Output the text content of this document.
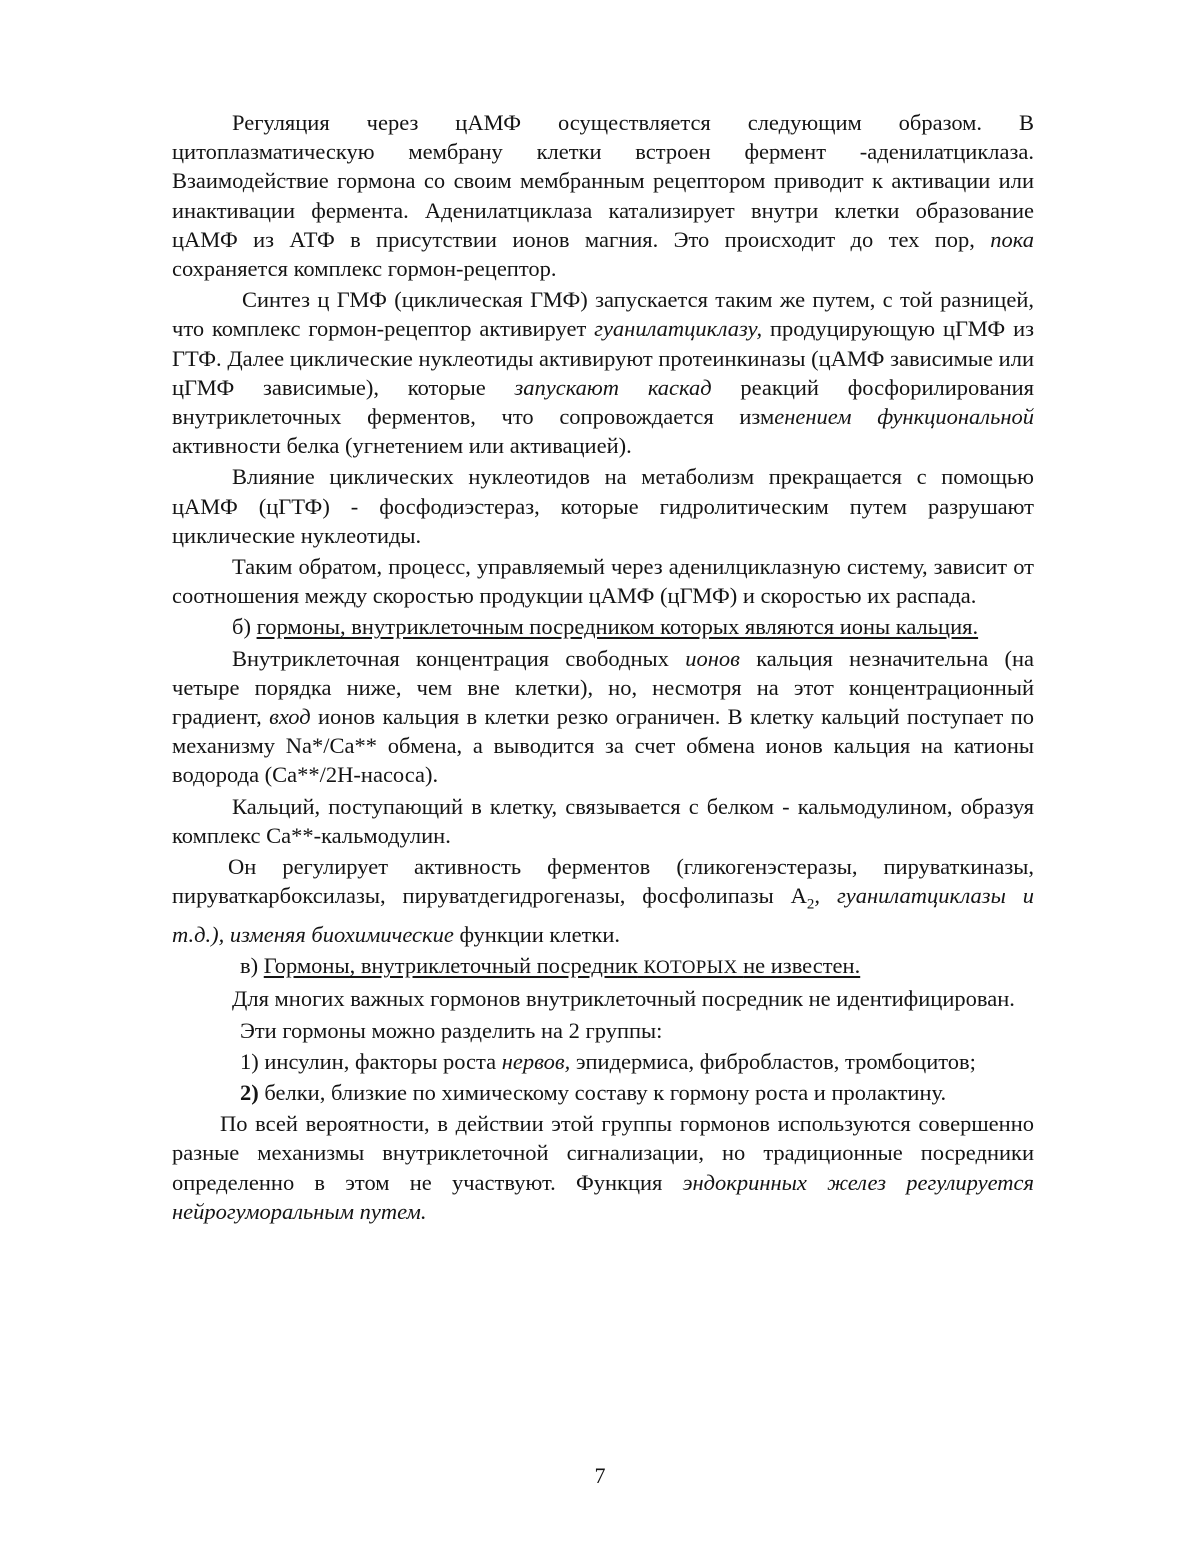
Регуляция через цАМФ осуществляется следующим образом. В цитоплазматическую мембрану клетки встроен фермент -аденилатциклаза. Взаимодействие гормона со своим мембранным рецептором приводит к активации или инактивации фермента. Аденилатциклаза катализирует внутри клетки образование цАМФ из АТФ в присутствии ионов магния. Это происходит до тех пор, пока сохраняется комплекс гормон-рецептор.

Синтез ц ГМФ (циклическая ГМФ) запускается таким же путем, с той разницей, что комплекс гормон-рецептор активирует гуанилатциклазу, продуцирующую цГМФ из ГТФ. Далее циклические нуклеотиды активируют протеинкиназы (цАМФ зависимые или цГМФ зависимые), которые запускают каскад реакций фосфорилирования внутриклеточных ферментов, что сопровождается изменением функциональной активности белка (угнетением или активацией).

Влияние циклических нуклеотидов на метаболизм прекращается с помощью цАМФ (цГТФ) - фосфодиэстераз, которые гидролитическим путем разрушают циклические нуклеотиды.

Таким обратом, процесс, управляемый через аденилциклазную систему, зависит от соотношения между скоростью продукции цАМФ (цГМФ) и скоростью их распада.

б) гормоны, внутриклеточным посредником которых являются ионы кальция.

Внутриклеточная концентрация свободных ионов кальция незначительна (на четыре порядка ниже, чем вне клетки), но, несмотря на этот концентрационный градиент, вход ионов кальция в клетки резко ограничен. В клетку кальций поступает по механизму Na*/Ca** обмена, а выводится за счет обмена ионов кальция на катионы водорода (Ca**/2H-насоса).

Кальций, поступающий в клетку, связывается с белком - кальмодулином, образуя комплекс Ca**-кальмодулин.

Он регулирует активность ферментов (гликогенэстеразы, пируваткиназы, пируваткарбоксилазы, пируватдегидрогеназы, фосфолипазы $A_2$, гуанилатциклазы и т.д.), изменяя биохимические функции клетки.

в) Гормоны, внутриклеточный посредник КОТОРЫХ не известен.

Для многих важных гормонов внутриклеточный посредник не идентифицирован.

Эти гормоны можно разделить на 2 группы:

1) инсулин, факторы роста нервов, эпидермиса, фибробластов, тромбоцитов;

2) белки, близкие по химическому составу к гормону роста и пролактину.

По всей вероятности, в действии этой группы гормонов используются совершенно разные механизмы внутриклеточной сигнализации, но традиционные посредники определенно в этом не участвуют. Функция эндокринных желез регулируется нейрогуморальным путем.

7
